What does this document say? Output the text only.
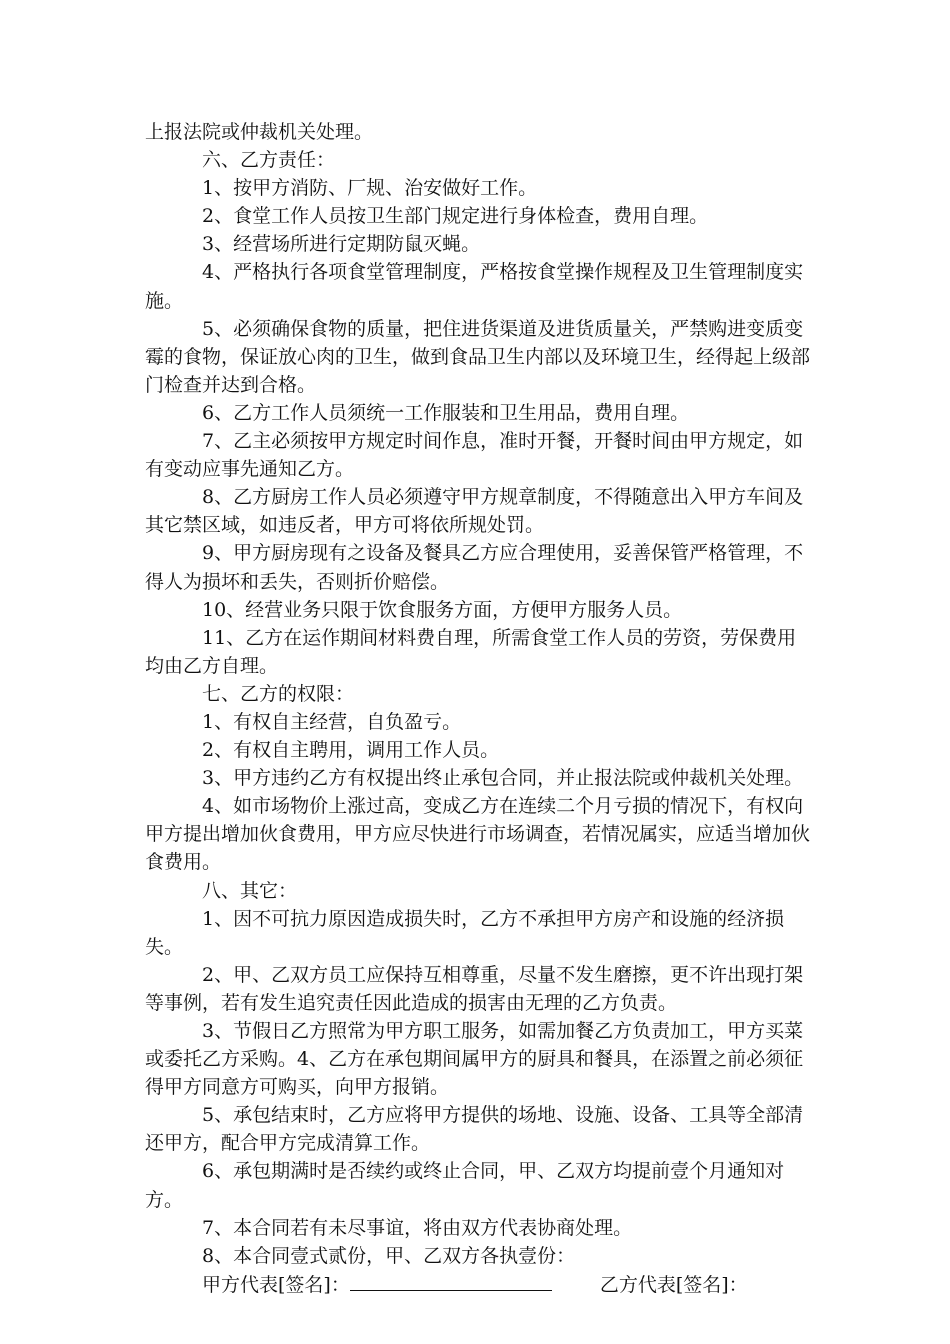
上报法院或仲裁机关处理。

六、乙方责任：

1、按甲方消防、厂规、治安做好工作。

2、食堂工作人员按卫生部门规定进行身体检查，费用自理。

3、经营场所进行定期防鼠灭蝇。

4、严格执行各项食堂管理制度，严格按食堂操作规程及卫生管理制度实施。

5、必须确保食物的质量，把住进货渠道及进货质量关，严禁购进变质变霉的食物，保证放心肉的卫生，做到食品卫生内部以及环境卫生，经得起上级部门检查并达到合格。

6、乙方工作人员须统一工作服装和卫生用品，费用自理。

7、乙主必须按甲方规定时间作息，准时开餐，开餐时间由甲方规定，如有变动应事先通知乙方。

8、乙方厨房工作人员必须遵守甲方规章制度，不得随意出入甲方车间及其它禁区域，如违反者，甲方可将依所规处罚。

9、甲方厨房现有之设备及餐具乙方应合理使用，妥善保管严格管理，不得人为损坏和丢失，否则折价赔偿。

10、经营业务只限于饮食服务方面，方便甲方服务人员。

11、乙方在运作期间材料费自理，所需食堂工作人员的劳资，劳保费用均由乙方自理。

七、乙方的权限：

1、有权自主经营，自负盈亏。

2、有权自主聘用，调用工作人员。

3、甲方违约乙方有权提出终止承包合同，并止报法院或仲裁机关处理。

4、如市场物价上涨过高，变成乙方在连续二个月亏损的情况下，有权向甲方提出增加伙食费用，甲方应尽快进行市场调查，若情况属实，应适当增加伙食费用。

八、其它：

1、因不可抗力原因造成损失时，乙方不承担甲方房产和设施的经济损失。

2、甲、乙双方员工应保持互相尊重，尽量不发生磨擦，更不许出现打架等事例，若有发生追究责任因此造成的损害由无理的乙方负责。

3、节假日乙方照常为甲方职工服务，如需加餐乙方负责加工，甲方买菜或委托乙方采购。4、乙方在承包期间属甲方的厨具和餐具，在添置之前必须征得甲方同意方可购买，向甲方报销。

5、承包结束时，乙方应将甲方提供的场地、设施、设备、工具等全部清还甲方，配合甲方完成清算工作。

6、承包期满时是否续约或终止合同，甲、乙双方均提前壹个月通知对方。

7、本合同若有未尽事谊，将由双方代表协商处理。

8、本合同壹式贰份，甲、乙双方各执壹份：

甲方代表[签名]：	乙方代表[签名]：
